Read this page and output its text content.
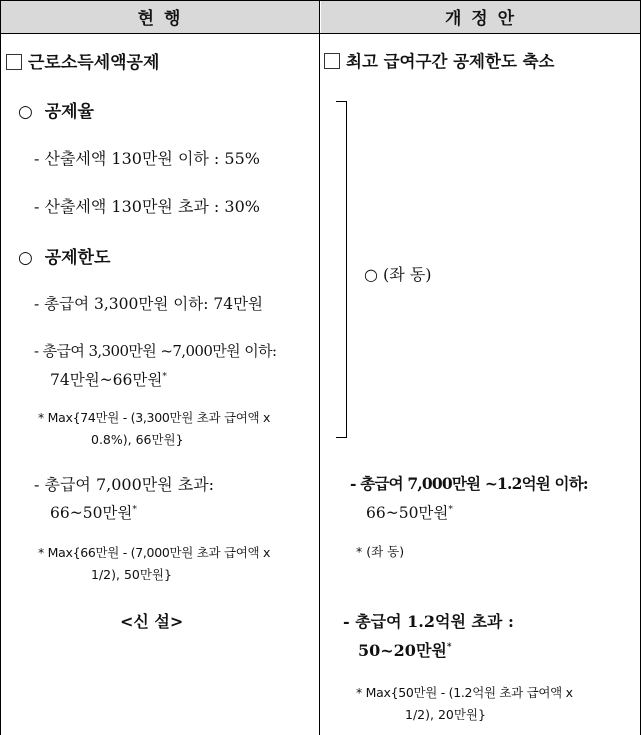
현 행	개 정 안
근로소득세액공제
○ 공제율
- 산출세액 130만원 이하 : 55%
- 산출세액 130만원 초과 : 30%
○ 공제한도
- 총급여 3,300만원 이하: 74만원
- 총급여 3,300만원 ~7,000만원 이하:
74만원~66만원*
* Max{74만원 - (3,300만원 초과 급여액 x
0.8%), 66만원}
- 총급여 7,000만원 초과:
66~50만원*
* Max{66만원 - (7,000만원 초과 급여액 x
1/2), 50만원}
<신 설>
최고 급여구간 공제한도 축소
○ (좌 동)
- 총급여 7,000만원 ~1.2억원 이하:
66~50만원*
* (좌 동)
- 총급여 1.2억원 초과 :
50~20만원*
* Max{50만원 - (1.2억원 초과 급여액 x
1/2), 20만원}
